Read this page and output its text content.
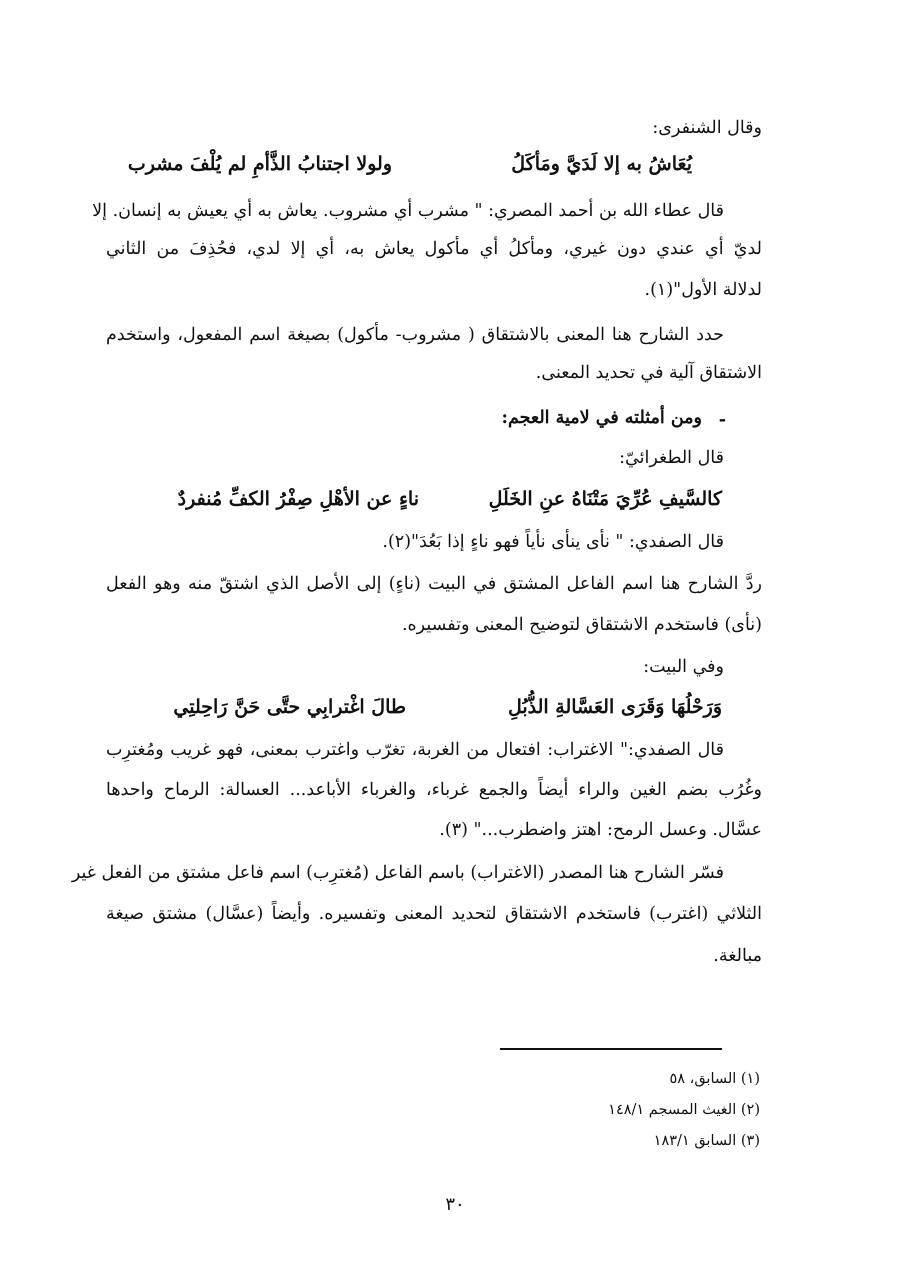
وقال الشنفرى:
ولولا اجتنابُ الذَّأمِ لم يُلْفَ مشرب	يُعَاشُ به إلا لَدَيَّ ومَأكَلُ
قال عطاء الله بن أحمد المصري: " مشرب أي مشروب. يعاش به أي يعيش به إنسان. إلا
لديّ أي عندي دون غيري، ومأكلُ أي مأكول يعاش به، أي إلا لدي، فحُذِفَ من الثاني
لدلالة الأول"(١).
حدد الشارح هنا المعنى بالاشتقاق ( مشروب- مأكول) بصيغة اسم المفعول، واستخدم
الاشتقاق آلية في تحديد المعنى.
-
ومن أمثلته في لامية العجم:
قال الطغرائيّ:
ناءٍ عن الأهْلِ صِفْرُ الكفِّ مُنفردٌ	كالسَّيفِ عُرِّيَ مَتْنَاهُ عنِ الخَلَلِ
قال الصفدي: " نأى ينأى نأياً فهو ناءٍ إذا بَعُدَ"(٢).
ردَّ الشارح هنا اسم الفاعل المشتق في البيت (ناءٍ) إلى الأصل الذي اشتقّ منه وهو الفعل
(نأى) فاستخدم الاشتقاق لتوضيح المعنى وتفسيره.
وفي البيت:
طالَ اغْترابِي حتَّى حَنَّ رَاحِلتِي	وَرَحْلُهَا وَقَرَى العَسَّالةِ الذُّبُلِ
قال الصفدي:" الاغتراب: افتعال من الغربة، تغرّب واغترب بمعنى، فهو غريب ومُغترِب
وغُرُب بضم الغين والراء أيضاً والجمع غرباء، والغرباء الأباعد... العسالة: الرماح واحدها
عسَّال. وعسل الرمح: اهتز واضطرب..." (٣).
فسّر الشارح هنا المصدر (الاغتراب) باسم الفاعل (مُغترِب) اسم فاعل مشتق من الفعل غير
الثلاثي (اغترب) فاستخدم الاشتقاق لتحديد المعنى وتفسيره. وأيضاً (عسَّال) مشتق صيغة
مبالغة.
(١) السابق، ٥٨
(٢) الغيث المسجم ١٤٨/١
(٣) السابق ١٨٣/١
٣٠
